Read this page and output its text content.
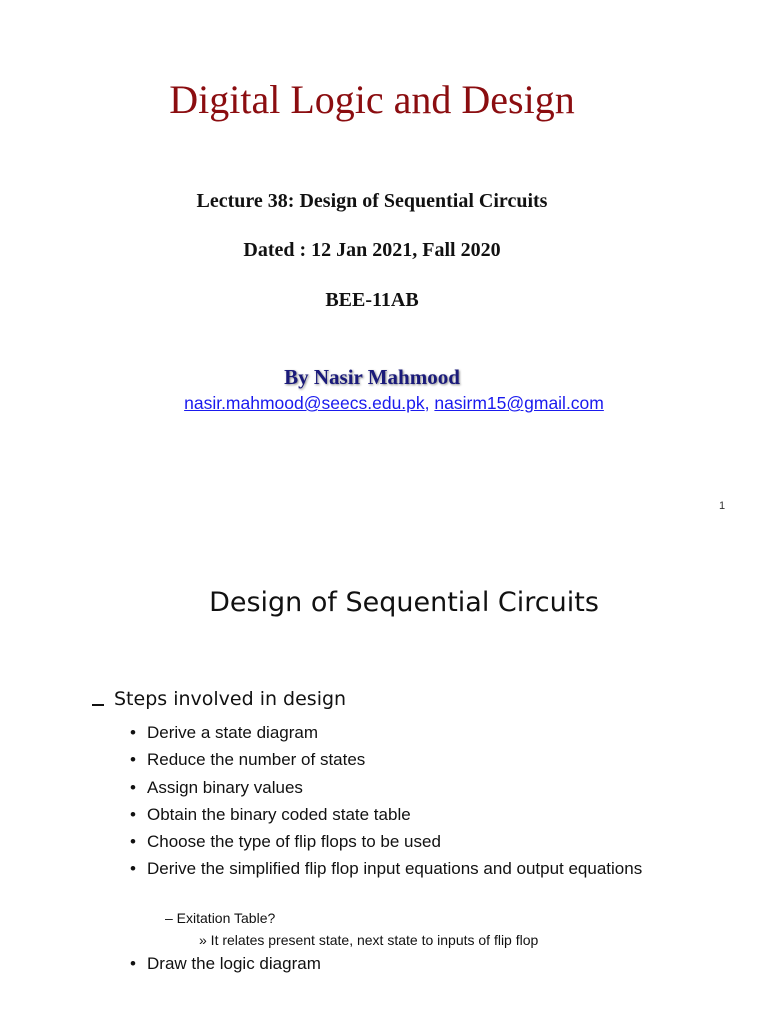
Digital Logic and Design
Lecture 38: Design of Sequential Circuits
Dated : 12 Jan 2021, Fall 2020
BEE-11AB
By Nasir Mahmood
nasir.mahmood@seecs.edu.pk, nasirm15@gmail.com
1
Design of Sequential Circuits
Steps involved in design
• Derive a state diagram
• Reduce the number of states
• Assign binary values
• Obtain the binary coded state table
• Choose the type of flip flops to be used
• Derive the simplified flip flop input equations and output equations
– Exitation Table?
» It relates present state, next state to inputs of flip flop
• Draw the logic diagram
